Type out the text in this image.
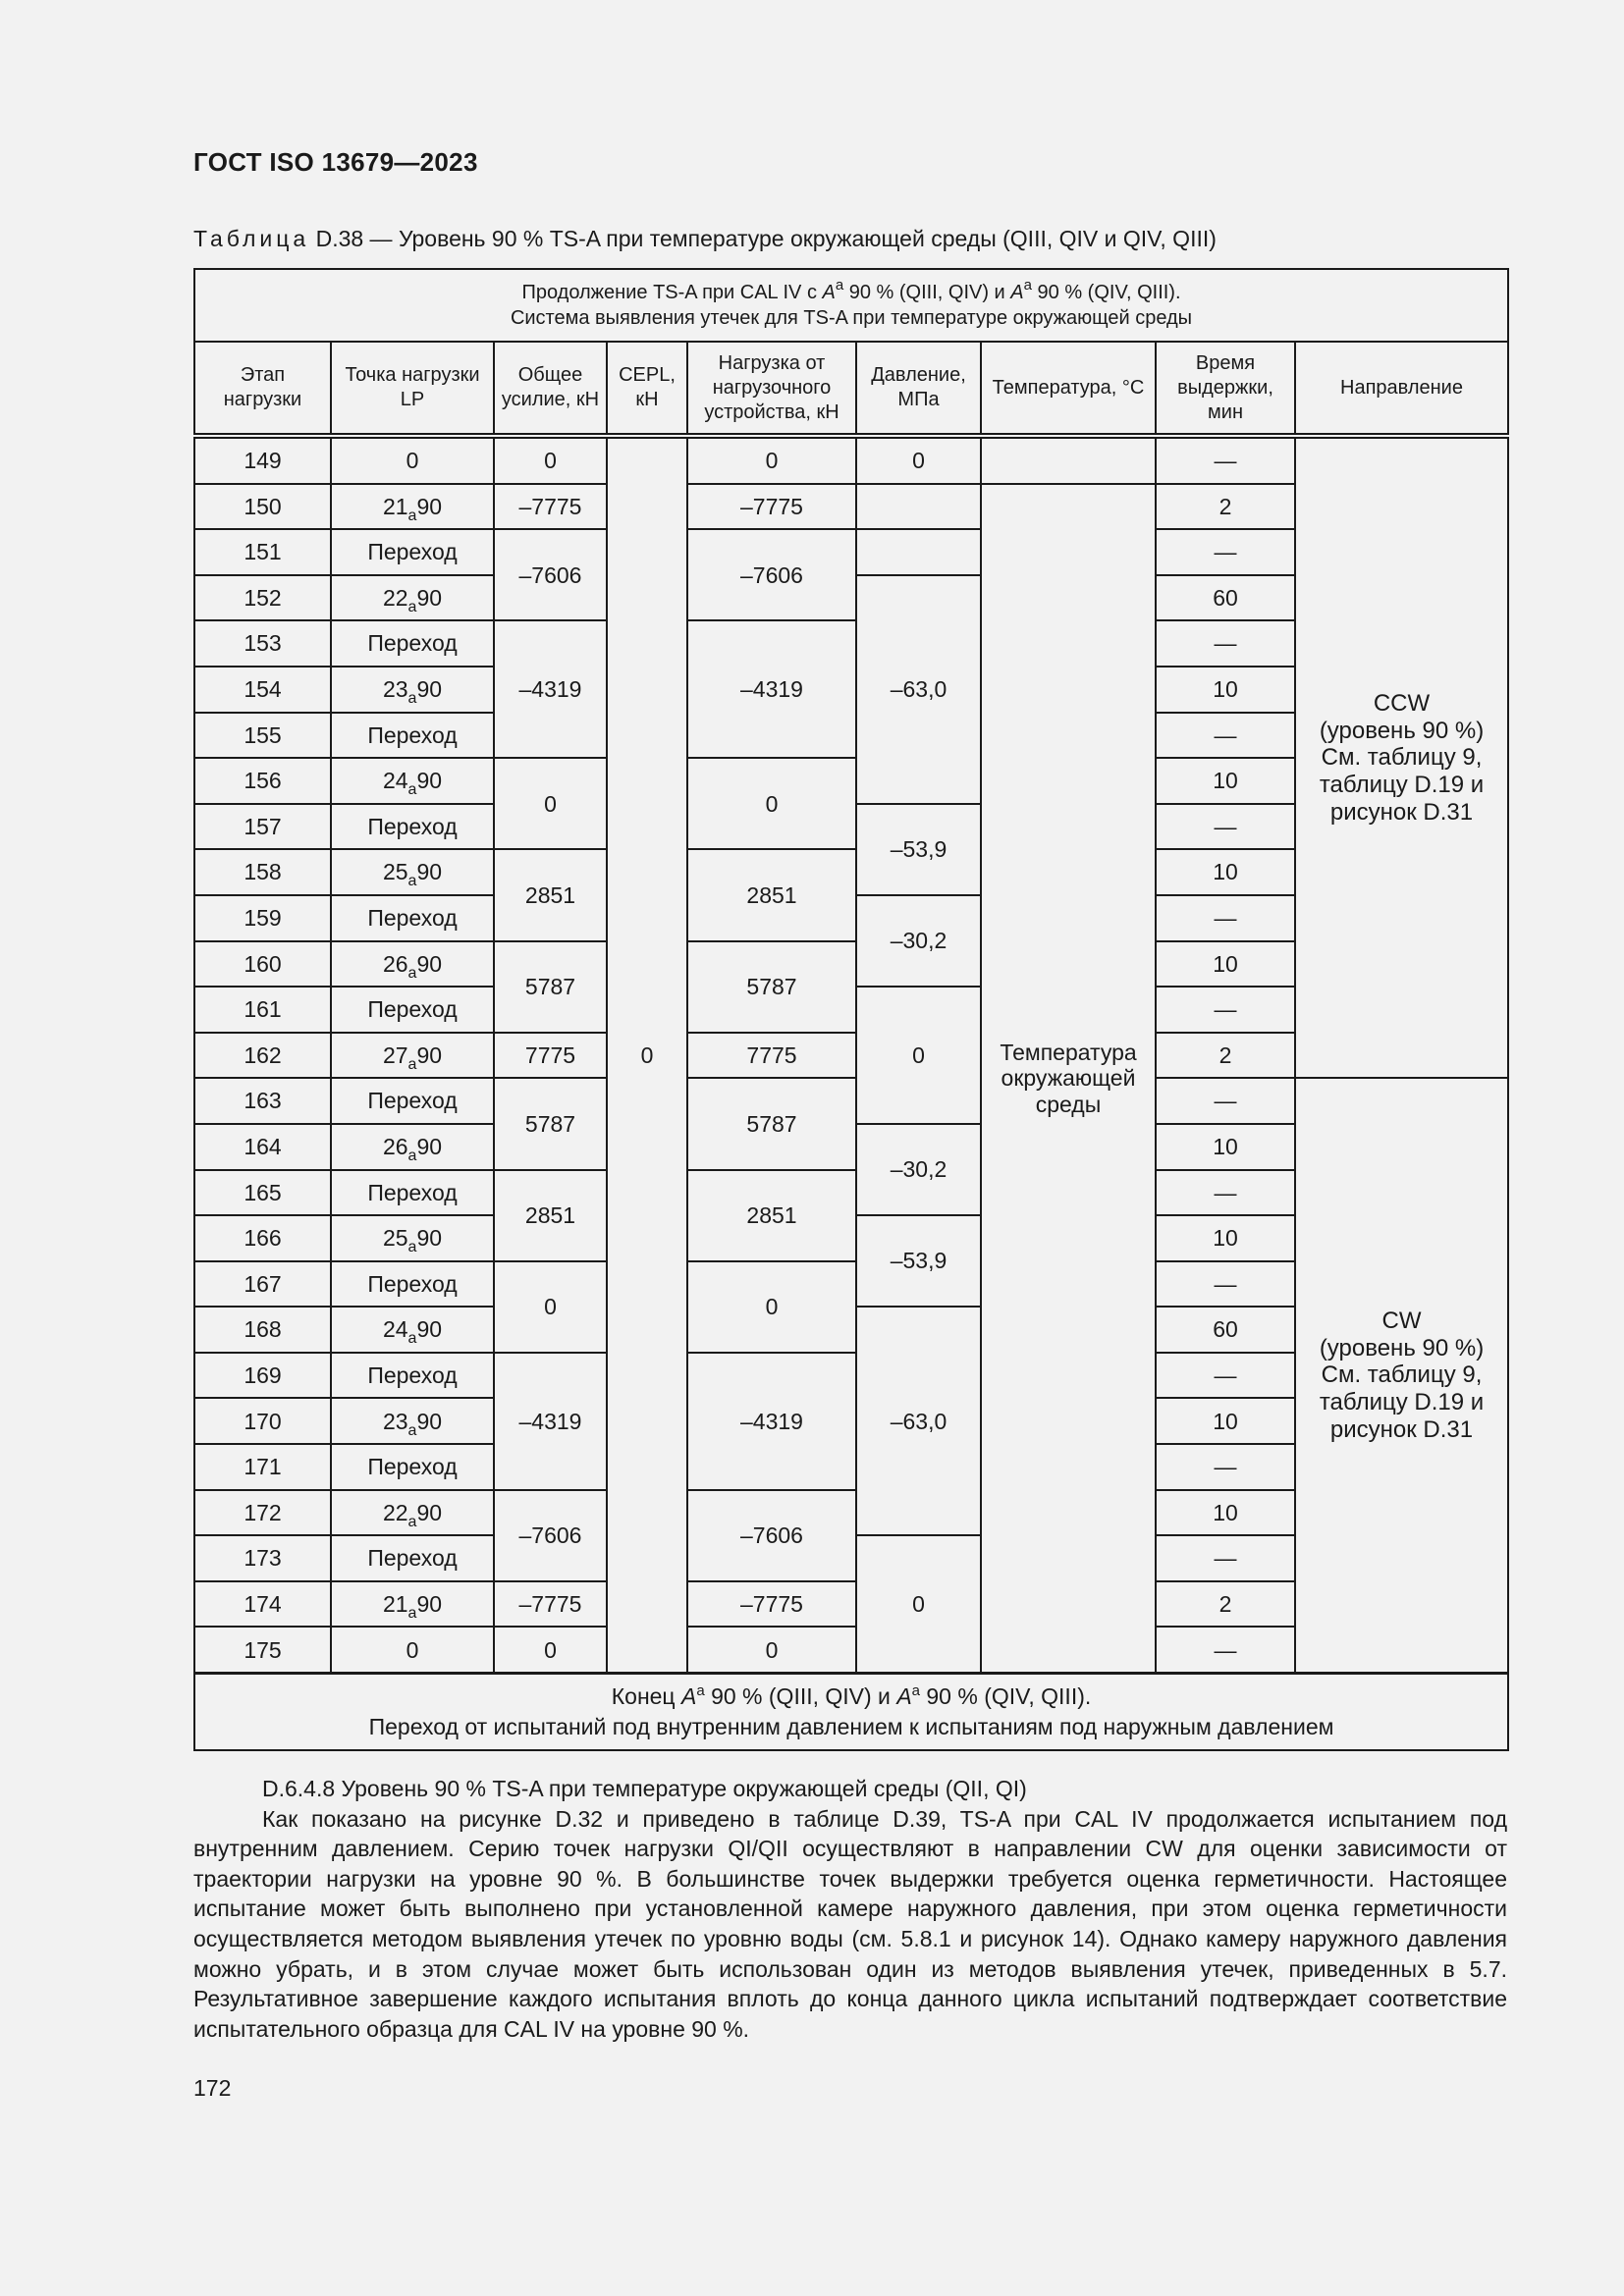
ГОСТ ISO 13679—2023
Таблица D.38 — Уровень 90 % TS-A при температуре окружающей среды (QIII, QIV и QIV, QIII)
Продолжение TS-A при CAL IV с $A^a$ 90 % (QIII, QIV) и $A^a$ 90 % (QIV, QIII).
Система выявления утечек для TS-A при температуре окружающей среды								
Этап нагрузки	Точка нагрузки LP	Общее усилие, кН	CEPL, кН	Нагрузка от нагрузочного устройства, кН	Давление, МПа	Температура, °С	Время выдержки, мин	Направление
149	0	0	0	0	0		—	CCW
(уровень 90 %)
См. таблицу 9,
таблицу D.19 и
рисунок D.31
150	$21_a90$	–7775		–7775		Температура окружающей среды	2	
151	Переход	–7606		–7606			—	
152	$22_a90$				–63,0		60	
153	Переход	–4319		–4319			—	
154	$23_a90$						10	
155	Переход						—	
156	$24_a90$	0		0			10	
157	Переход				–53,9		—	
158	$25_a90$	2851		2851			10	
159	Переход				–30,2		—	
160	$26_a90$	5787		5787			10	
161	Переход				0		—	
162	$27_a90$	7775		7775			2	
163	Переход	5787		5787			—	CW
(уровень 90 %)
См. таблицу 9,
таблицу D.19 и
рисунок D.31
164	$26_a90$				–30,2		10	
165	Переход	2851		2851			—	
166	$25_a90$				–53,9		10	
167	Переход	0		0			—	
168	$24_a90$				–63,0		60	
169	Переход	–4319		–4319			—	
170	$23_a90$						10	
171	Переход						—	
172	$22_a90$	–7606		–7606			10	
173	Переход				0		—	
174	$21_a90$	–7775		–7775			2	
175	0	0		0			—	
Конец $A^a$ 90 % (QIII, QIV) и $A^a$ 90 % (QIV, QIII).
Переход от испытаний под внутренним давлением к испытаниям под наружным давлением								

D.6.4.8 Уровень 90 % TS-A при температуре окружающей среды (QII, QI)

Как показано на рисунке D.32 и приведено в таблице D.39, TS-A при CAL IV продолжается испытанием под внутренним давлением. Серию точек нагрузки QI/QII осуществляют в направлении CW для оценки зависимости от траектории нагрузки на уровне 90 %. В большинстве точек выдержки требуется оценка герметичности. Настоящее испытание может быть выполнено при установленной камере наружного давления, при этом оценка герметичности осуществляется методом выявления утечек по уровню воды (см. 5.8.1 и рисунок 14). Однако камеру наружного давления можно убрать, и в этом случае может быть использован один из методов выявления утечек, приведенных в 5.7. Результативное завершение каждого испытания вплоть до конца данного цикла испытаний подтверждает соответствие испытательного образца для CAL IV на уровне 90 %.

172
